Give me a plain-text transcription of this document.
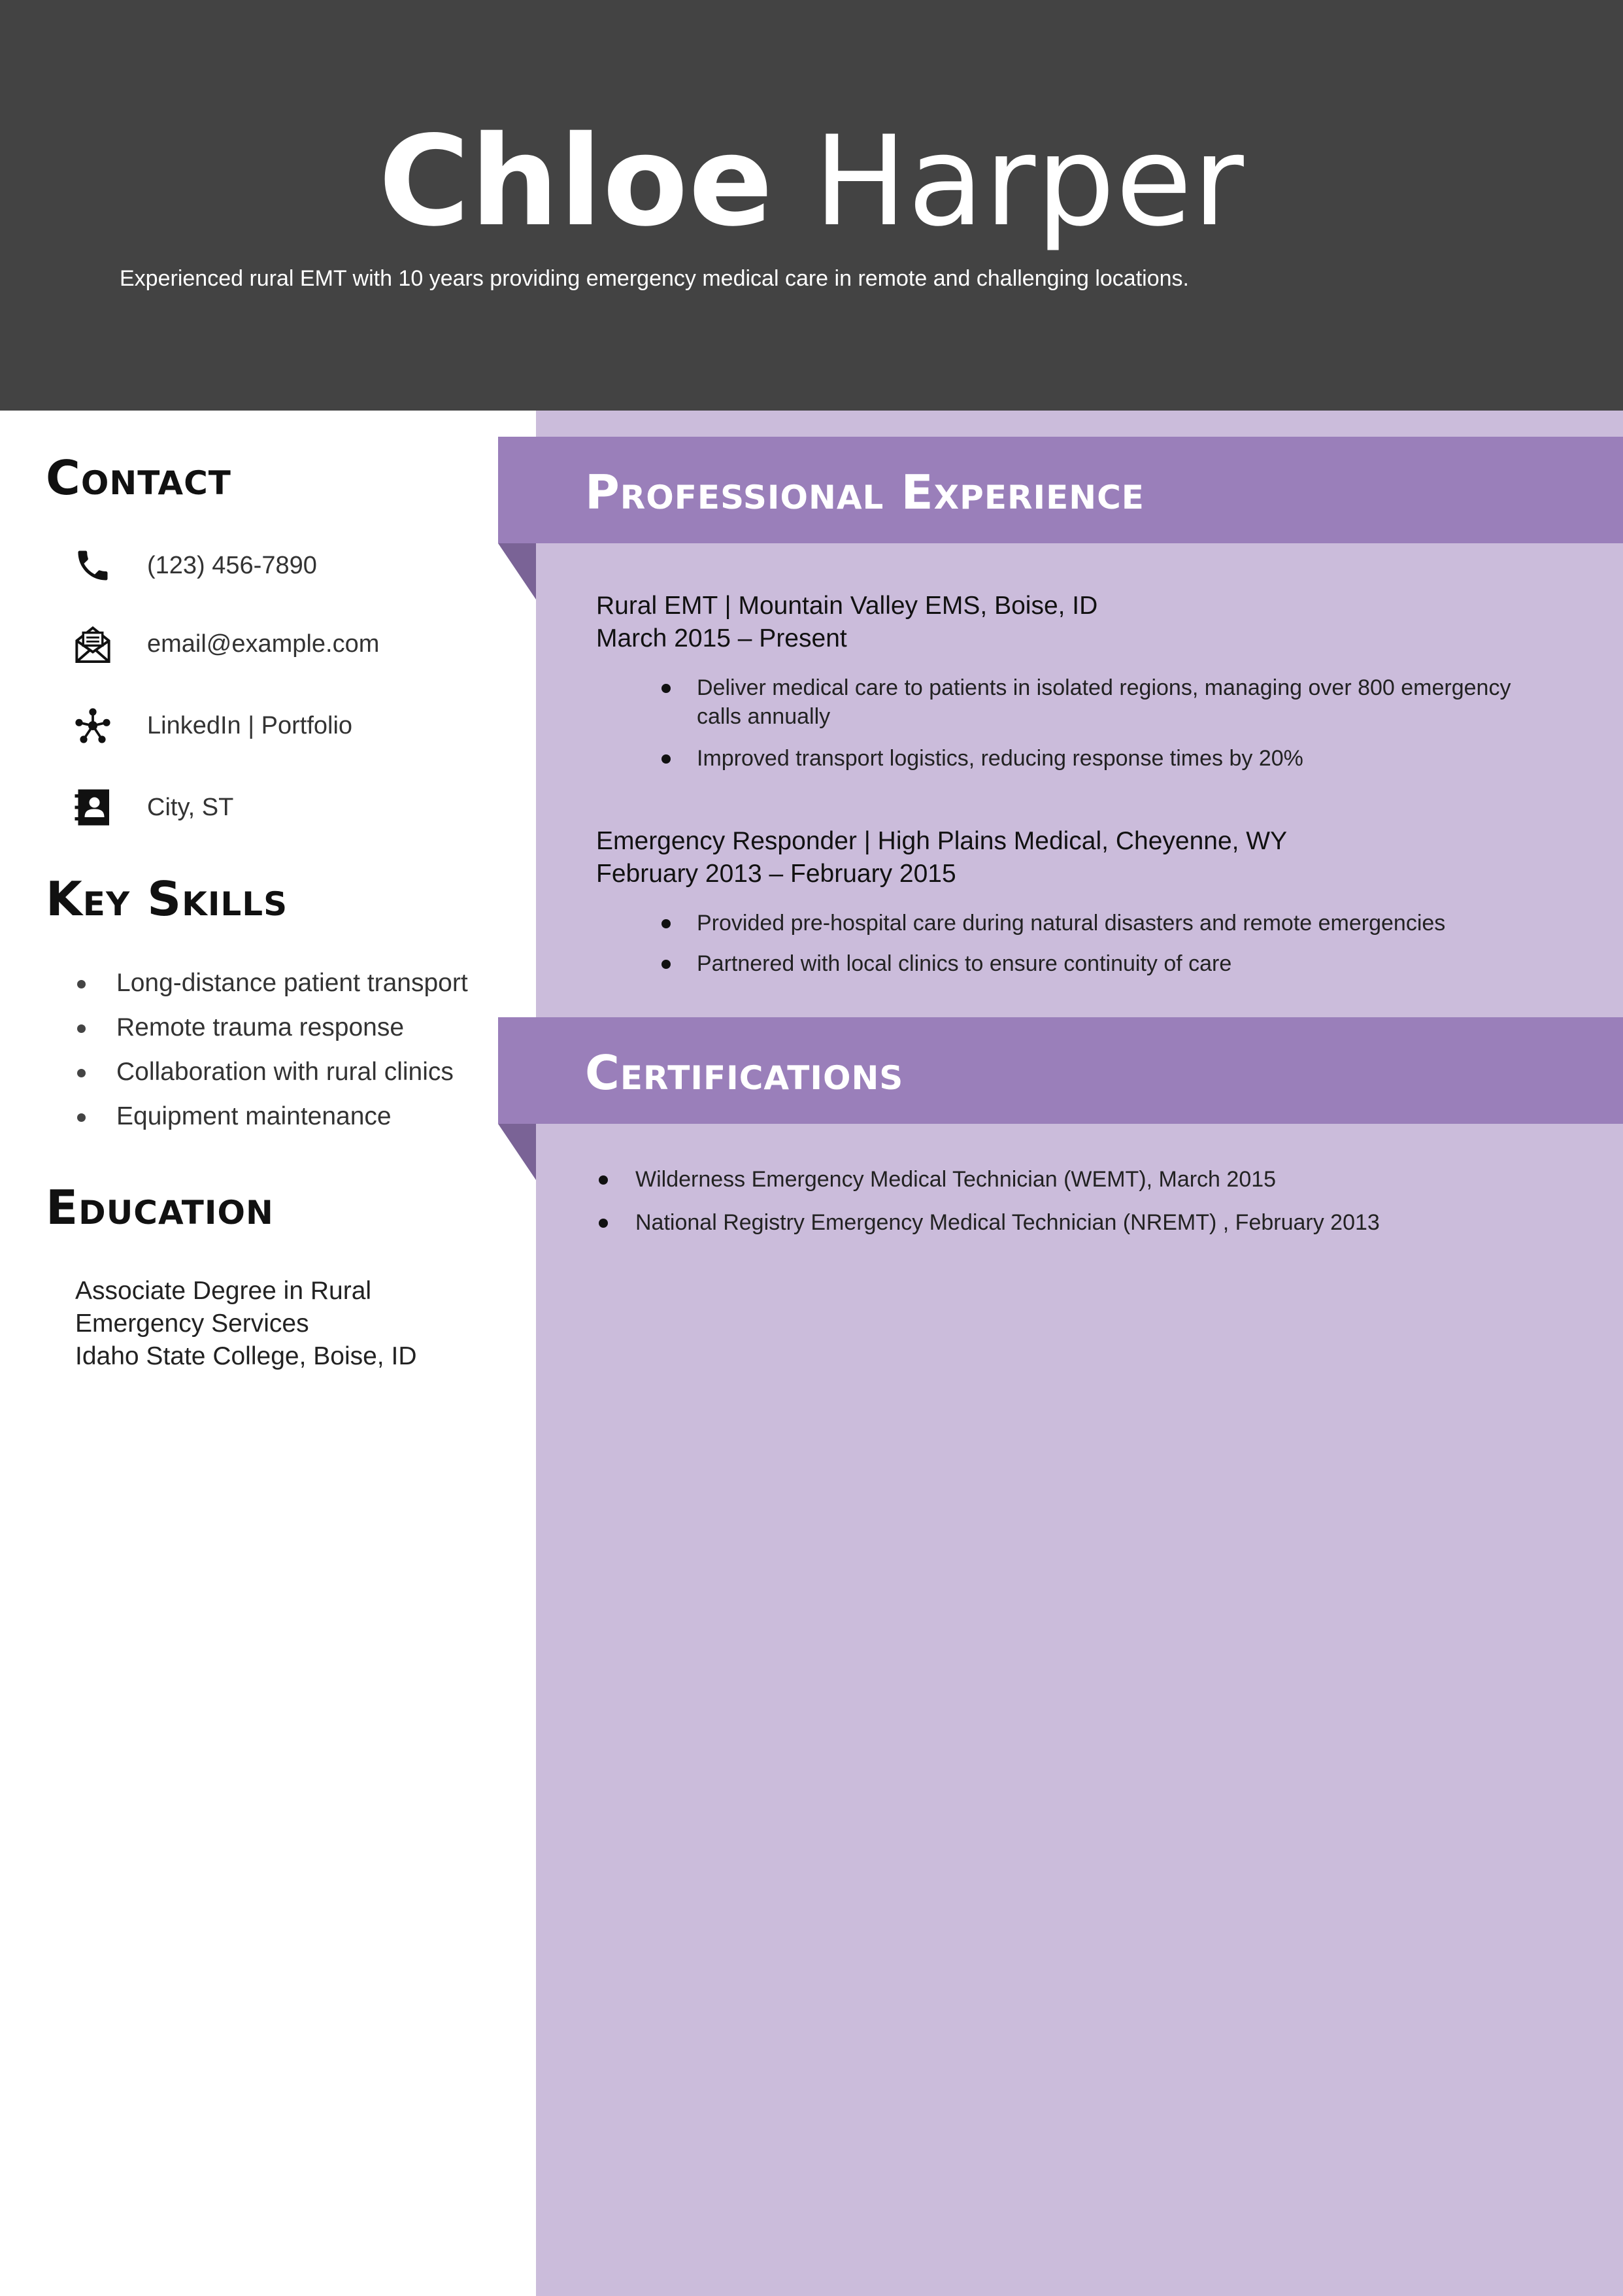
Chloe Harper
Experienced rural EMT with 10 years providing emergency medical care in remote and challenging locations.
Contact
(123) 456-7890
email@example.com
LinkedIn | Portfolio
City, ST
Key Skills
Long-distance patient transport
Remote trauma response
Collaboration with rural clinics
Equipment maintenance
Education
Associate Degree in Rural
Emergency Services
Idaho State College, Boise, ID
Professional Experience
Rural EMT | Mountain Valley EMS, Boise, ID
March 2015 – Present
Deliver medical care to patients in isolated regions, managing over 800 emergency calls annually
Improved transport logistics, reducing response times by 20%
Emergency Responder | High Plains Medical, Cheyenne, WY
February 2013 – February 2015
Provided pre-hospital care during natural disasters and remote emergencies
Partnered with local clinics to ensure continuity of care
Certifications
Wilderness Emergency Medical Technician (WEMT), March 2015
National Registry Emergency Medical Technician (NREMT) , February 2013
